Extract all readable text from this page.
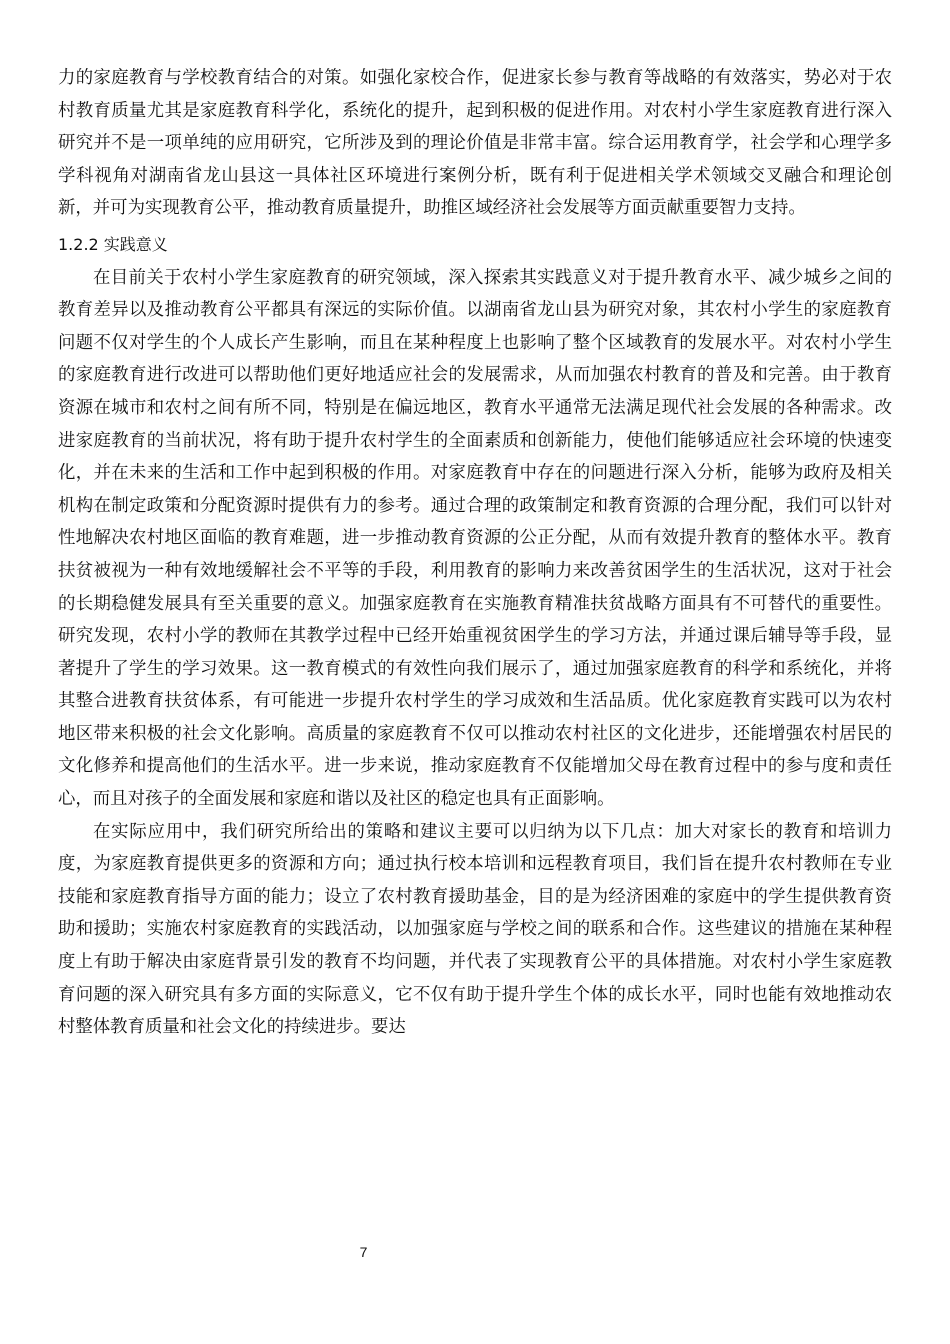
力的家庭教育与学校教育结合的对策。如强化家校合作，促进家长参与教育等战略的有效落实，势必对于农村教育质量尤其是家庭教育科学化，系统化的提升，起到积极的促进作用。对农村小学生家庭教育进行深入研究并不是一项单纯的应用研究，它所涉及到的理论价值是非常丰富。综合运用教育学，社会学和心理学多学科视角对湖南省龙山县这一具体社区环境进行案例分析，既有利于促进相关学术领域交叉融合和理论创新，并可为实现教育公平，推动教育质量提升，助推区域经济社会发展等方面贡献重要智力支持。

1.2.2 实践意义

在目前关于农村小学生家庭教育的研究领域，深入探索其实践意义对于提升教育水平、减少城乡之间的教育差异以及推动教育公平都具有深远的实际价值。以湖南省龙山县为研究对象，其农村小学生的家庭教育问题不仅对学生的个人成长产生影响，而且在某种程度上也影响了整个区域教育的发展水平。对农村小学生的家庭教育进行改进可以帮助他们更好地适应社会的发展需求，从而加强农村教育的普及和完善。由于教育资源在城市和农村之间有所不同，特别是在偏远地区，教育水平通常无法满足现代社会发展的各种需求。改进家庭教育的当前状况，将有助于提升农村学生的全面素质和创新能力，使他们能够适应社会环境的快速变化，并在未来的生活和工作中起到积极的作用。对家庭教育中存在的问题进行深入分析，能够为政府及相关机构在制定政策和分配资源时提供有力的参考。通过合理的政策制定和教育资源的合理分配，我们可以针对性地解决农村地区面临的教育难题，进一步推动教育资源的公正分配，从而有效提升教育的整体水平。教育扶贫被视为一种有效地缓解社会不平等的手段，利用教育的影响力来改善贫困学生的生活状况，这对于社会的长期稳健发展具有至关重要的意义。加强家庭教育在实施教育精准扶贫战略方面具有不可替代的重要性。研究发现，农村小学的教师在其教学过程中已经开始重视贫困学生的学习方法，并通过课后辅导等手段，显著提升了学生的学习效果。这一教育模式的有效性向我们展示了，通过加强家庭教育的科学和系统化，并将其整合进教育扶贫体系，有可能进一步提升农村学生的学习成效和生活品质。优化家庭教育实践可以为农村地区带来积极的社会文化影响。高质量的家庭教育不仅可以推动农村社区的文化进步，还能增强农村居民的文化修养和提高他们的生活水平。进一步来说，推动家庭教育不仅能增加父母在教育过程中的参与度和责任心，而且对孩子的全面发展和家庭和谐以及社区的稳定也具有正面影响。

在实际应用中，我们研究所给出的策略和建议主要可以归纳为以下几点：加大对家长的教育和培训力度，为家庭教育提供更多的资源和方向；通过执行校本培训和远程教育项目，我们旨在提升农村教师在专业技能和家庭教育指导方面的能力；设立了农村教育援助基金，目的是为经济困难的家庭中的学生提供教育资助和援助；实施农村家庭教育的实践活动，以加强家庭与学校之间的联系和合作。这些建议的措施在某种程度上有助于解决由家庭背景引发的教育不均问题，并代表了实现教育公平的具体措施。对农村小学生家庭教育问题的深入研究具有多方面的实际意义，它不仅有助于提升学生个体的成长水平，同时也能有效地推动农村整体教育质量和社会文化的持续进步。要达

7
